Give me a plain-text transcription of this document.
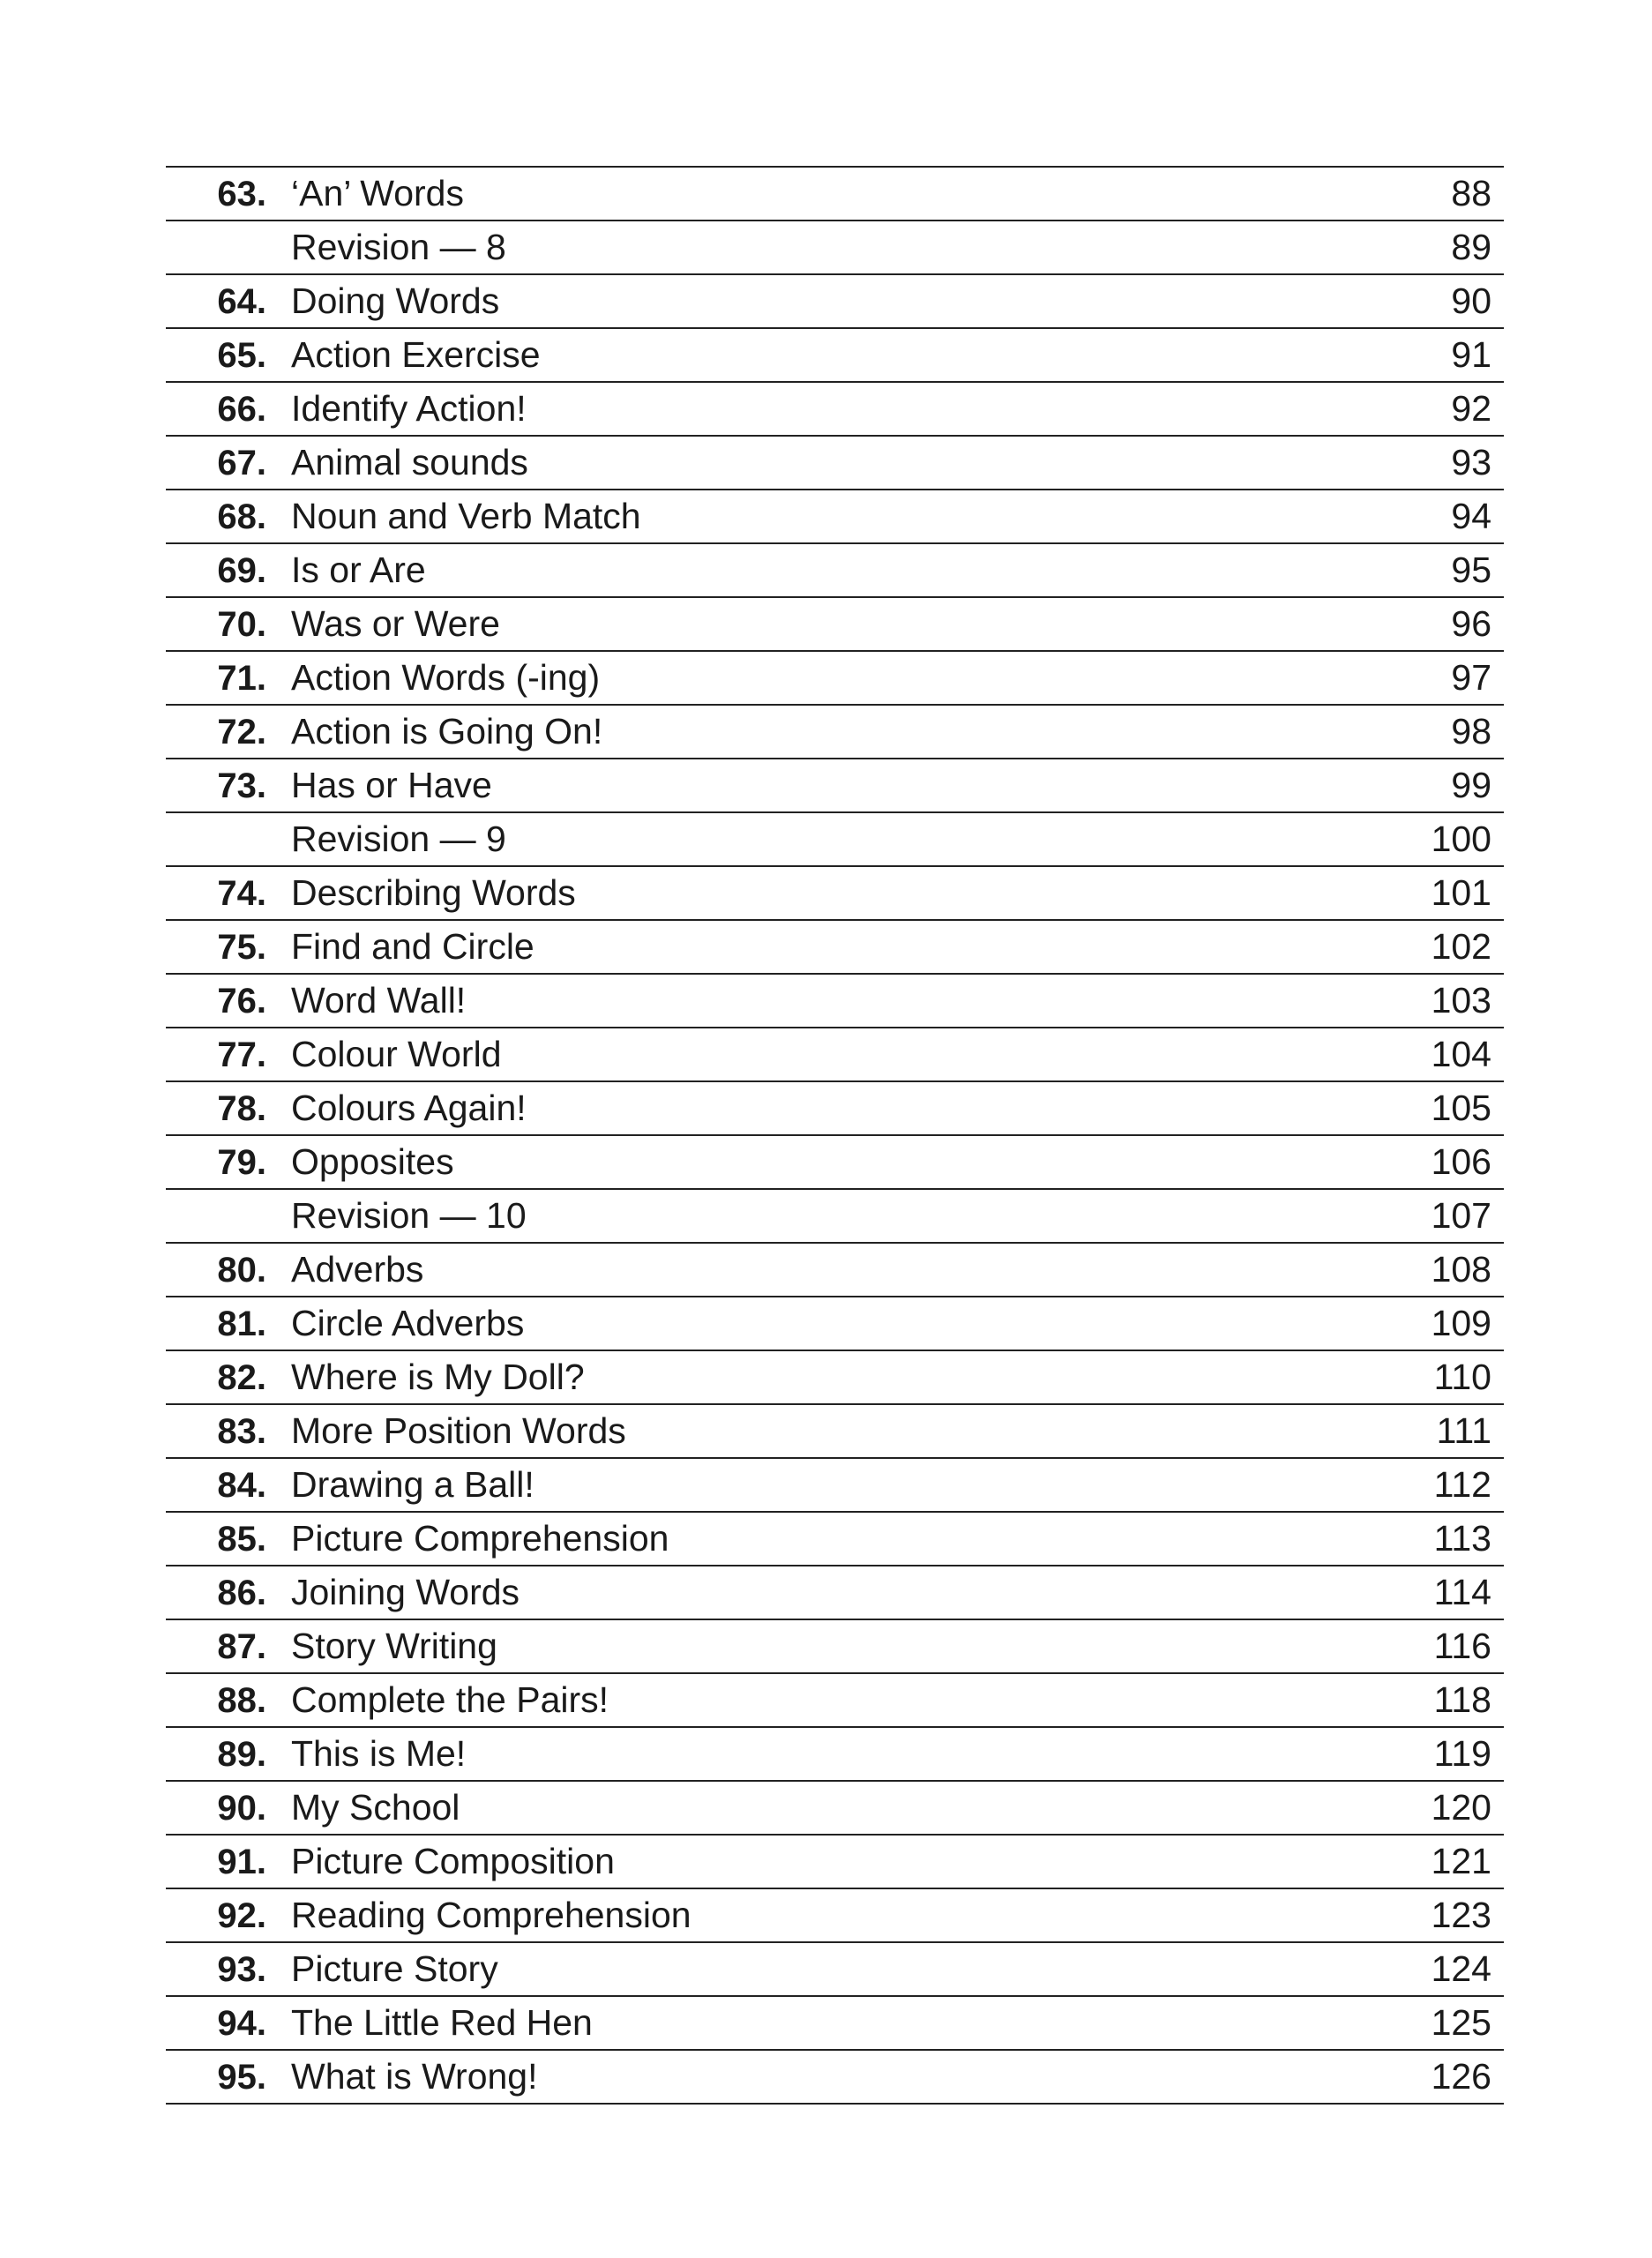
63. ‘An’ Words	88
Revision — 8	89
64. Doing Words	90
65. Action Exercise	91
66. Identify Action!	92
67. Animal sounds	93
68. Noun and Verb Match	94
69. Is or Are	95
70. Was or Were	96
71. Action Words (-ing)	97
72. Action is Going On!	98
73. Has or Have	99
Revision — 9	100
74. Describing Words	101
75. Find and Circle	102
76. Word Wall!	103
77. Colour World	104
78. Colours Again!	105
79. Opposites	106
Revision — 10	107
80. Adverbs	108
81. Circle Adverbs	109
82. Where is My Doll?	110
83. More Position Words	111
84. Drawing a Ball!	112
85. Picture Comprehension	113
86. Joining Words	114
87. Story Writing	116
88. Complete the Pairs!	118
89. This is Me!	119
90. My School	120
91. Picture Composition	121
92. Reading Comprehension	123
93. Picture Story	124
94. The Little Red Hen	125
95. What is Wrong!	126
